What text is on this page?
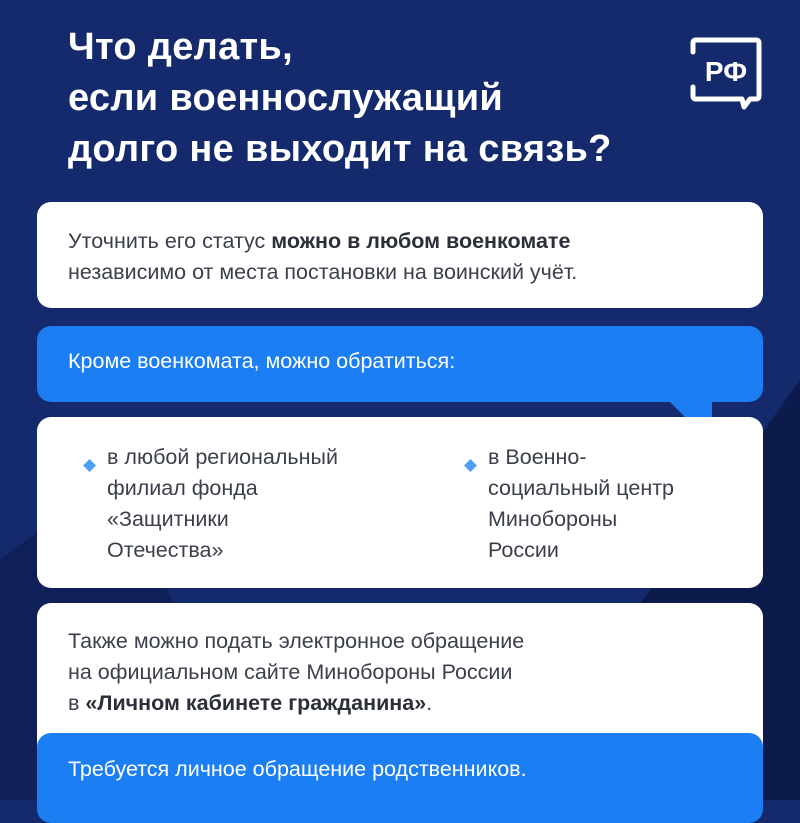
Что делать,
если военнослужащий
долго не выходит на связь?
РФ
Уточнить его статус можно в любом военкомате
независимо от места постановки на воинский учёт.
Кроме военкомата, можно обратиться:
в любой региональный
филиал фонда
«Защитники
Отечества»
в Военно-
социальный центр
Минобороны
России
Также можно подать электронное обращение
на официальном сайте Минобороны России
в «Личном кабинете гражданина».
Требуется личное обращение родственников.
